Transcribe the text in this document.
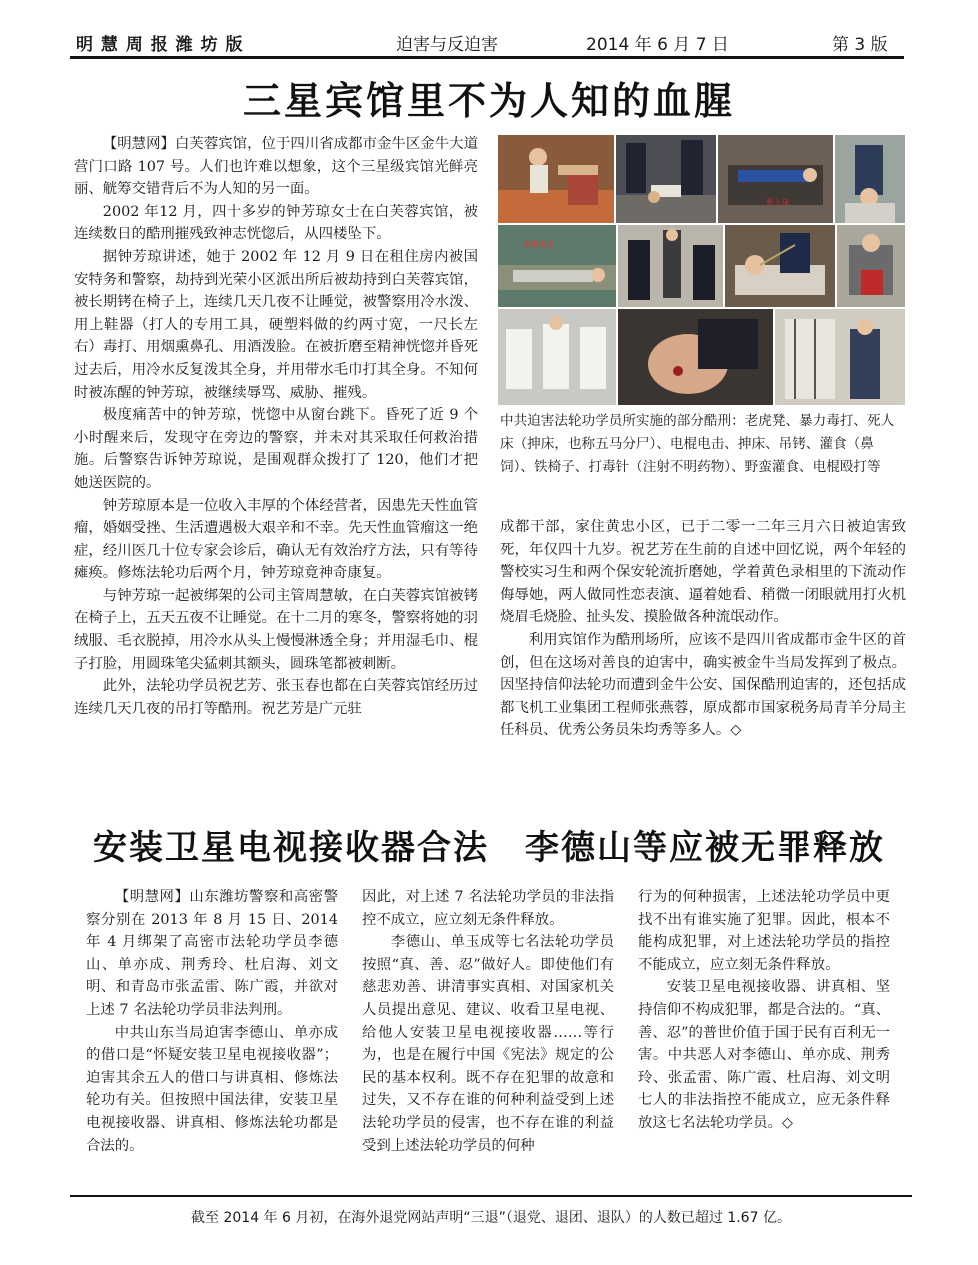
明 慧 周 报 潍 坊 版	迫害与反迫害	2014 年 6 月 7 日	第 3 版
三星宾馆里不为人知的血腥

【明慧网】白芙蓉宾馆，位于四川省成都市金牛区金牛大道营门口路 107 号。人们也许难以想象，这个三星级宾馆光鲜亮丽、觥筹交错背后不为人知的另一面。

2002 年12 月，四十多岁的钟芳琼女士在白芙蓉宾馆，被连续数日的酷刑摧残致神志恍惚后，从四楼坠下。

据钟芳琼讲述，她于 2002 年 12 月 9 日在租住房内被国安特务和警察，劫持到光荣小区派出所后被劫持到白芙蓉宾馆，被长期铐在椅子上，连续几天几夜不让睡觉，被警察用冷水泼、用上鞋器（打人的专用工具，硬塑料做的约两寸宽，一尺长左右）毒打、用烟熏鼻孔、用酒泼脸。在被折磨至精神恍惚并昏死过去后，用冷水反复泼其全身，并用带水毛巾打其全身。不知何时被冻醒的钟芳琼，被继续辱骂、威胁、摧残。

极度痛苦中的钟芳琼，恍惚中从窗台跳下。昏死了近 9 个小时醒来后，发现守在旁边的警察，并未对其采取任何救治措施。后警察告诉钟芳琼说，是围观群众拨打了 120，他们才把她送医院的。

钟芳琼原本是一位收入丰厚的个体经营者，因患先天性血管瘤，婚姻受挫、生活遭遇极大艰辛和不幸。先天性血管瘤这一绝症，经川医几十位专家会诊后，确认无有效治疗方法，只有等待瘫痪。修炼法轮功后两个月，钟芳琼竟神奇康复。

与钟芳琼一起被绑架的公司主管周慧敏，在白芙蓉宾馆被铐在椅子上，五天五夜不让睡觉。在十二月的寒冬，警察将她的羽绒服、毛衣脱掉，用冷水从头上慢慢淋透全身；并用湿毛巾、棍子打脸，用圆珠笔尖猛刺其额头，圆珠笔都被刺断。

此外，法轮功学员祝艺芳、张玉春也都在白芙蓉宾馆经历过连续几天几夜的吊打等酷刑。祝艺芳是广元驻

死人床
电棍电击
中共迫害法轮功学员所实施的部分酷刑：老虎凳、暴力毒打、死人床（抻床，也称五马分尸）、电棍电击、抻床、吊铐、灌食（鼻饲）、铁椅子、打毒针（注射不明药物）、野蛮灌食、电棍殴打等

成都干部，家住黄忠小区，已于二零一二年三月六日被迫害致死，年仅四十九岁。祝艺芳在生前的自述中回忆说，两个年轻的警校实习生和两个保安轮流折磨她，学着黄色录相里的下流动作侮辱她，两人做同性恋表演、逼着她看、稍微一闭眼就用打火机烧眉毛烧脸、扯头发、摸脸做各种流氓动作。

利用宾馆作为酷刑场所，应该不是四川省成都市金牛区的首创，但在这场对善良的迫害中，确实被金牛当局发挥到了极点。因坚持信仰法轮功而遭到金牛公安、国保酷刑迫害的，还包括成都飞机工业集团工程师张燕蓉，原成都市国家税务局青羊分局主任科员、优秀公务员朱均秀等多人。◇

安装卫星电视接收器合法　李德山等应被无罪释放

【明慧网】山东潍坊警察和高密警察分别在 2013 年 8 月 15 日、2014 年 4 月绑架了高密市法轮功学员李德山、单亦成、荆秀玲、杜启海、刘文明、和青岛市张孟雷、陈广霞，并欲对上述 7 名法轮功学员非法判刑。

中共山东当局迫害李德山、单亦成的借口是“怀疑安装卫星电视接收器”；迫害其余五人的借口与讲真相、修炼法轮功有关。但按照中国法律，安装卫星电视接收器、讲真相、修炼法轮功都是合法的。

因此，对上述 7 名法轮功学员的非法指控不成立，应立刻无条件释放。

李德山、单玉成等七名法轮功学员按照“真、善、忍”做好人。即使他们有慈悲劝善、讲清事实真相、对国家机关人员提出意见、建议、收看卫星电视、给他人安装卫星电视接收器……等行为，也是在履行中国《宪法》规定的公民的基本权利。既不存在犯罪的故意和过失，又不存在谁的何种利益受到上述法轮功学员的侵害，也不存在谁的利益受到上述法轮功学员的何种

行为的何种损害，上述法轮功学员中更找不出有谁实施了犯罪。因此，根本不能构成犯罪，对上述法轮功学员的指控不能成立，应立刻无条件释放。

安装卫星电视接收器、讲真相、坚持信仰不构成犯罪，都是合法的。“真、善、忍”的普世价值于国于民有百利无一害。中共恶人对李德山、单亦成、荆秀玲、张孟雷、陈广霞、杜启海、刘文明七人的非法指控不能成立，应无条件释放这七名法轮功学员。◇

截至 2014 年 6 月初，在海外退党网站声明“三退”（退党、退团、退队）的人数已超过 1.67 亿。
